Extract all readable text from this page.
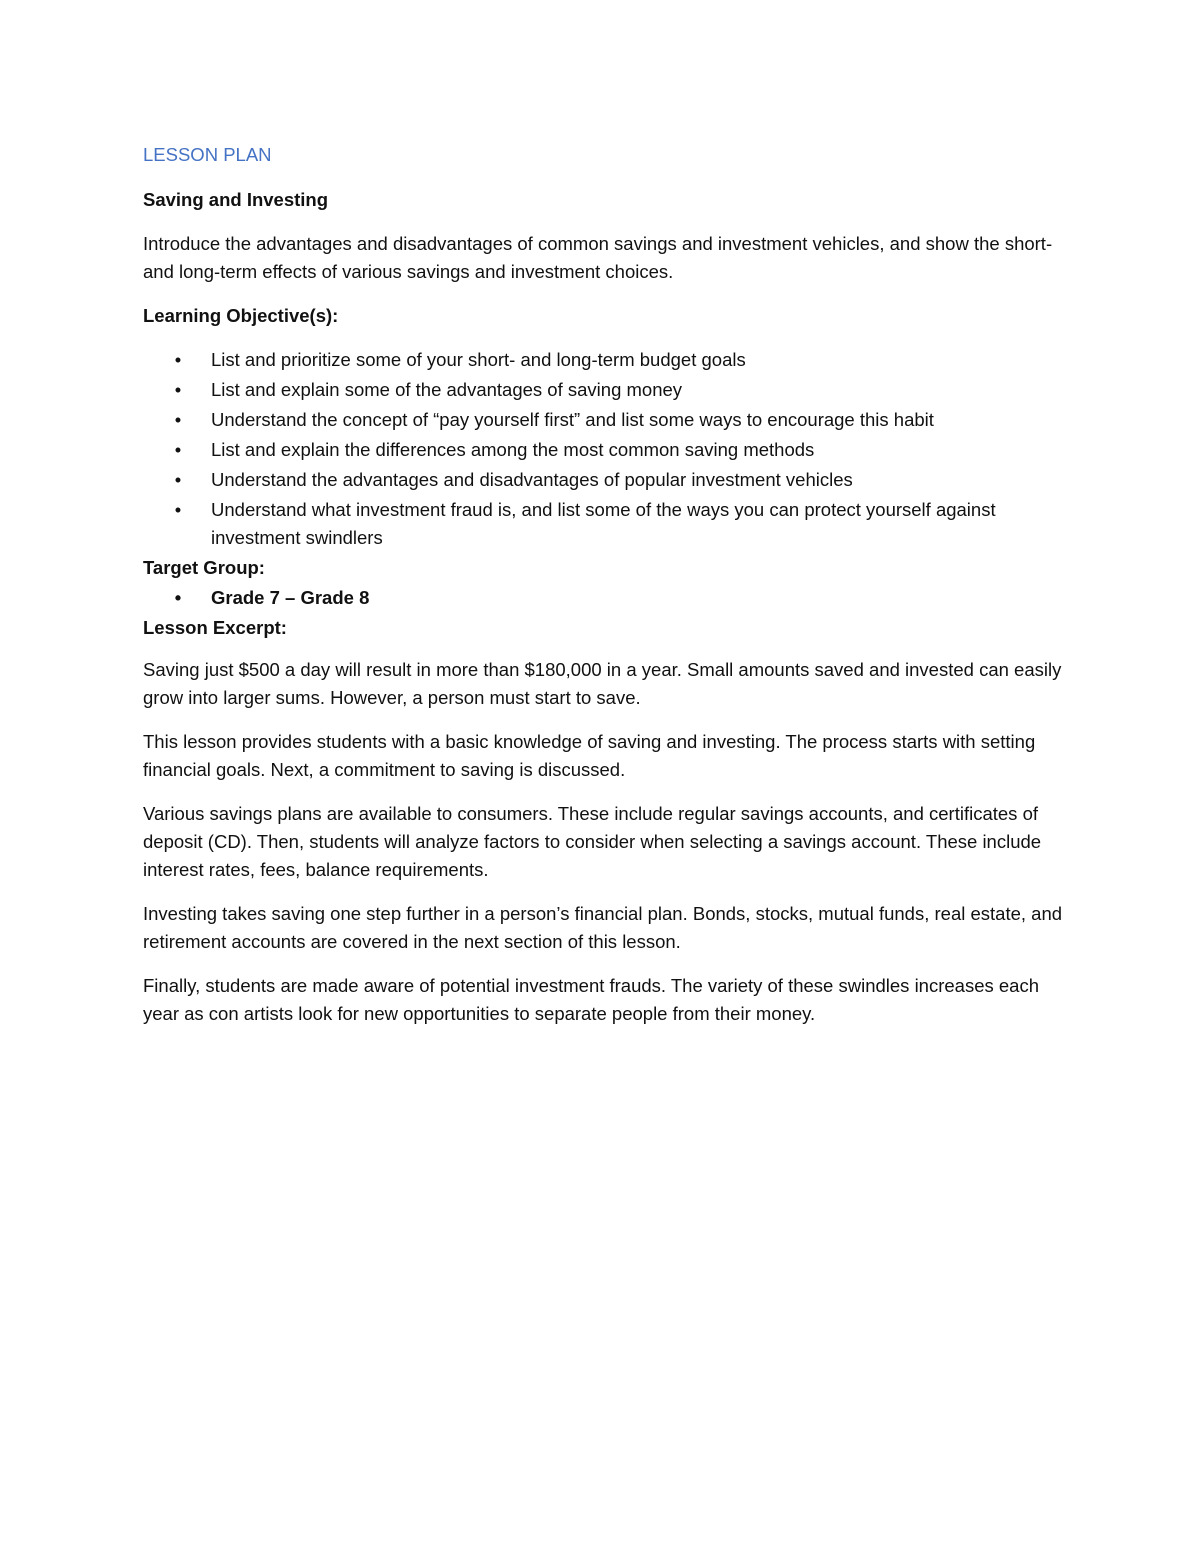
LESSON PLAN
Saving and Investing

Introduce the advantages and disadvantages of common savings and investment vehicles, and show the short- and long-term effects of various savings and investment choices.

Learning Objective(s):
• List and prioritize some of your short- and long-term budget goals
• List and explain some of the advantages of saving money
• Understand the concept of “pay yourself first” and list some ways to encourage this habit
• List and explain the differences among the most common saving methods
• Understand the advantages and disadvantages of popular investment vehicles
• Understand what investment fraud is, and list some of the ways you can protect yourself against investment swindlers
Target Group:
• Grade 7 – Grade 8
Lesson Excerpt:

Saving just $500 a day will result in more than $180,000 in a year. Small amounts saved and invested can easily grow into larger sums. However, a person must start to save.

This lesson provides students with a basic knowledge of saving and investing. The process starts with setting financial goals. Next, a commitment to saving is discussed.

Various savings plans are available to consumers. These include regular savings accounts, and certificates of deposit (CD). Then, students will analyze factors to consider when selecting a savings account. These include interest rates, fees, balance requirements.

Investing takes saving one step further in a person’s financial plan. Bonds, stocks, mutual funds, real estate, and retirement accounts are covered in the next section of this lesson.

Finally, students are made aware of potential investment frauds. The variety of these swindles increases each year as con artists look for new opportunities to separate people from their money.
